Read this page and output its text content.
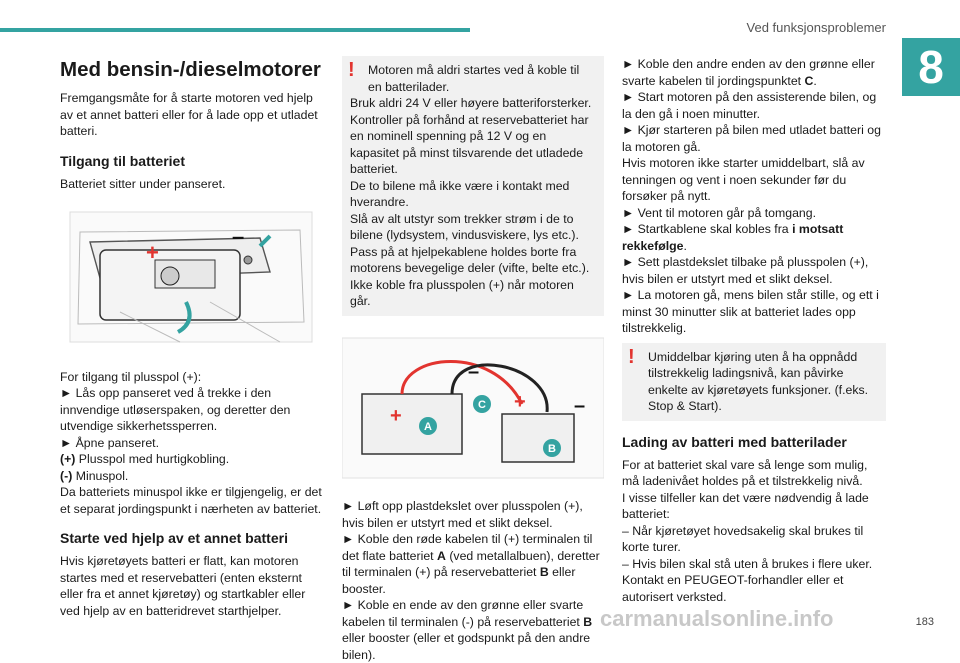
Ved funksjonsproblemer
8

Med bensin-/dieselmotorer

Fremgangsmåte for å starte motoren ved hjelp av et annet batteri eller for å lade opp et utladet batteri.

Tilgang til batteriet

Batteriet sitter under panseret.

+
–

For tilgang til plusspol (+):

► Lås opp panseret ved å trekke i den innvendige utløserspaken, og deretter den utvendige sikkerhetssperren.

► Åpne panseret.

(+) Plusspol med hurtigkobling.

(-) Minuspol.

Da batteriets minuspol ikke er tilgjengelig, er det et separat jordingspunkt i nærheten av batteriet.

Starte ved hjelp av et annet batteri

Hvis kjøretøyets batteri er flatt, kan motoren startes med et reservebatteri (enten eksternt eller fra et annet kjøretøy) og startkabler eller ved hjelp av en batteridrevet starthjelper.

!	Motoren må aldri startes ved å koble til en batterilader.

Bruk aldri 24 V eller høyere batteriforsterker.

Kontroller på forhånd at reservebatteriet har en nominell spenning på 12 V og en kapasitet på minst tilsvarende det utladede batteriet.

De to bilene må ikke være i kontakt med hverandre.

Slå av alt utstyr som trekker strøm i de to bilene (lydsystem, vindusviskere, lys etc.).

Pass på at hjelpekablene holdes borte fra motorens bevegelige deler (vifte, belte etc.).

Ikke koble fra plusspolen (+) når motoren går.

+
+
–
–
A
C
B

► Løft opp plastdekslet over plusspolen (+), hvis bilen er utstyrt med et slikt deksel.

► Koble den røde kabelen til (+) terminalen til det flate batteriet A (ved metallalbuen), deretter til terminalen (+) på reservebatteriet B eller booster.

► Koble en ende av den grønne eller svarte kabelen til terminalen (-) på reservebatteriet B eller booster (eller et godspunkt på den andre bilen).

► Koble den andre enden av den grønne eller svarte kabelen til jordingspunktet C.

► Start motoren på den assisterende bilen, og la den gå i noen minutter.

► Kjør starteren på bilen med utladet batteri og la motoren gå.

Hvis motoren ikke starter umiddelbart, slå av tenningen og vent i noen sekunder før du forsøker på nytt.

► Vent til motoren går på tomgang.

► Startkablene skal kobles fra i motsatt rekkefølge.

► Sett plastdekslet tilbake på plusspolen (+), hvis bilen er utstyrt med et slikt deksel.

► La motoren gå, mens bilen står stille, og ett i minst 30 minutter slik at batteriet lades opp tilstrekkelig.

!	Umiddelbar kjøring uten å ha oppnådd tilstrekkelig ladingsnivå, kan påvirke enkelte av kjøretøyets funksjoner. (f.eks. Stop & Start).

Lading av batteri med batterilader

For at batteriet skal vare så lenge som mulig, må ladenivået holdes på et tilstrekkelig nivå.

I visse tilfeller kan det være nødvendig å lade batteriet:

– Når kjøretøyet hovedsakelig skal brukes til korte turer.

– Hvis bilen skal stå uten å brukes i flere uker.

Kontakt en PEUGEOT-forhandler eller et autorisert verksted.

carmanualsonline.info	183
